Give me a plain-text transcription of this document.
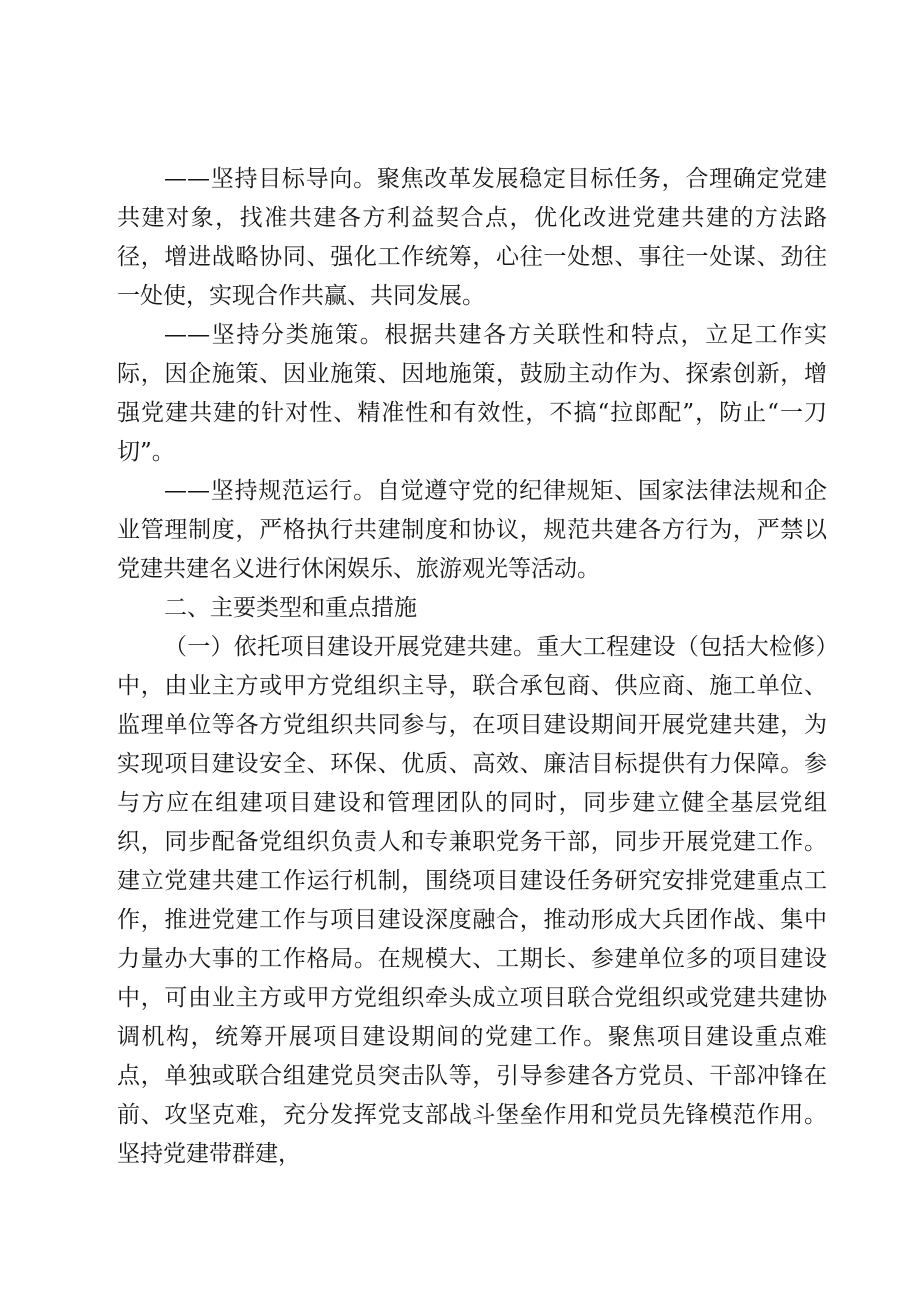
——坚持目标导向。聚焦改革发展稳定目标任务，合理确定党建共建对象，找准共建各方利益契合点，优化改进党建共建的方法路径，增进战略协同、强化工作统筹，心往一处想、事往一处谋、劲往一处使，实现合作共赢、共同发展。

——坚持分类施策。根据共建各方关联性和特点，立足工作实际，因企施策、因业施策、因地施策，鼓励主动作为、探索创新，增强党建共建的针对性、精准性和有效性，不搞“拉郎配”，防止“一刀切”。

——坚持规范运行。自觉遵守党的纪律规矩、国家法律法规和企业管理制度，严格执行共建制度和协议，规范共建各方行为，严禁以党建共建名义进行休闲娱乐、旅游观光等活动。

二、主要类型和重点措施

（一）依托项目建设开展党建共建。重大工程建设（包括大检修）中，由业主方或甲方党组织主导，联合承包商、供应商、施工单位、监理单位等各方党组织共同参与，在项目建设期间开展党建共建，为实现项目建设安全、环保、优质、高效、廉洁目标提供有力保障。参与方应在组建项目建设和管理团队的同时，同步建立健全基层党组织，同步配备党组织负责人和专兼职党务干部，同步开展党建工作。建立党建共建工作运行机制，围绕项目建设任务研究安排党建重点工作，推进党建工作与项目建设深度融合，推动形成大兵团作战、集中力量办大事的工作格局。在规模大、工期长、参建单位多的项目建设中，可由业主方或甲方党组织牵头成立项目联合党组织或党建共建协调机构，统筹开展项目建设期间的党建工作。聚焦项目建设重点难点，单独或联合组建党员突击队等，引导参建各方党员、干部冲锋在前、攻坚克难，充分发挥党支部战斗堡垒作用和党员先锋模范作用。坚持党建带群建，
